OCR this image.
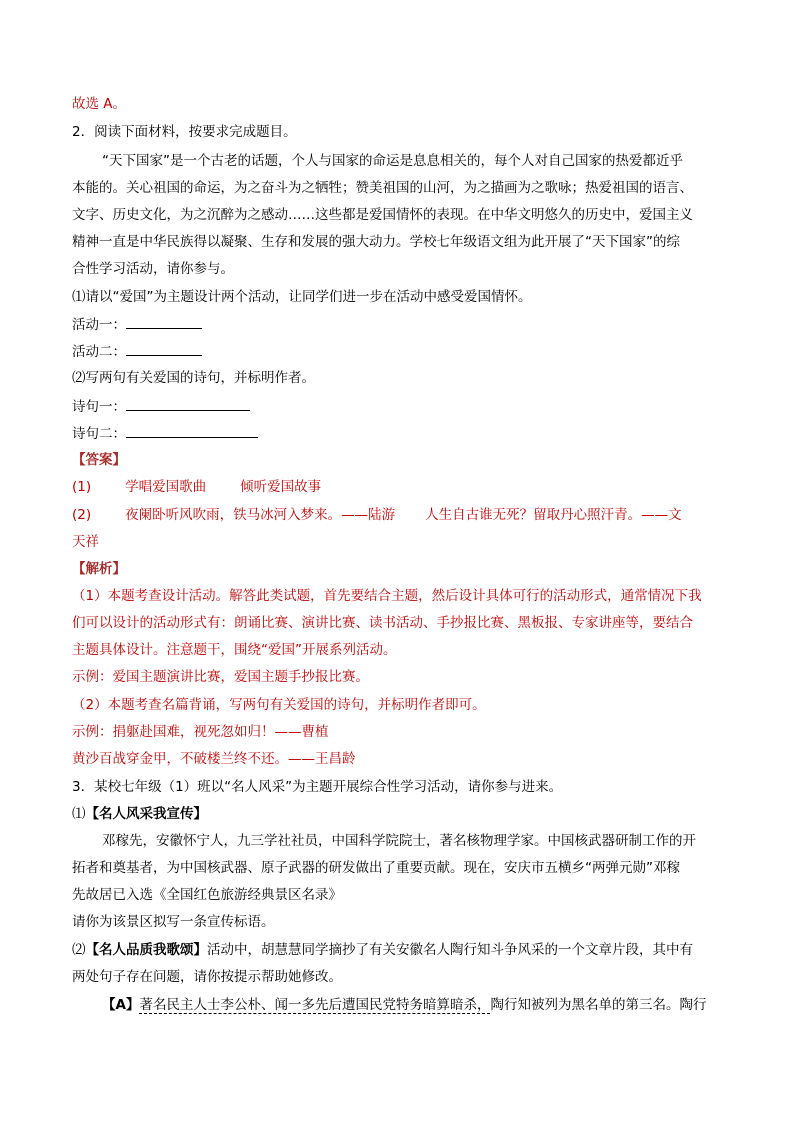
故选 A。
2．阅读下面材料，按要求完成题目。
“天下国家”是一个古老的话题，个人与国家的命运是息息相关的，每个人对自己国家的热爱都近乎
本能的。关心祖国的命运，为之奋斗为之牺牲；赞美祖国的山河，为之描画为之歌咏；热爱祖国的语言、
文字、历史文化，为之沉醉为之感动……这些都是爱国情怀的表现。在中华文明悠久的历史中，爱国主义
精神一直是中华民族得以凝聚、生存和发展的强大动力。学校七年级语文组为此开展了“天下国家”的综
合性学习活动，请你参与。
⑴请以“爱国”为主题设计两个活动，让同学们进一步在活动中感受爱国情怀。
活动一：
活动二：
⑵写两句有关爱国的诗句，并标明作者。
诗句一：
诗句二：
【答案】
(1)	学唱爱国歌曲	倾听爱国故事
(2)	夜阑卧听风吹雨，铁马冰河入梦来。——陆游 人生自古谁无死？留取丹心照汗青。——文
天祥
【解析】
（1）本题考查设计活动。解答此类试题，首先要结合主题，然后设计具体可行的活动形式，通常情况下我
们可以设计的活动形式有：朗诵比赛、演讲比赛、读书活动、手抄报比赛、黑板报、专家讲座等，要结合
主题具体设计。注意题干，围绕“爱国”开展系列活动。
示例：爱国主题演讲比赛，爱国主题手抄报比赛。
（2）本题考查名篇背诵，写两句有关爱国的诗句，并标明作者即可。
示例：捐躯赴国难，视死忽如归！——曹植
黄沙百战穿金甲，不破楼兰终不还。——王昌龄
3．某校七年级（1）班以“名人风采”为主题开展综合性学习活动，请你参与进来。
⑴【名人风采我宣传】
邓稼先，安徽怀宁人，九三学社社员，中国科学院院士，著名核物理学家。中国核武器研制工作的开
拓者和奠基者，为中国核武器、原子武器的研发做出了重要贡献。现在，安庆市五横乡“两弹元勋”邓稼
先故居已入选《全国红色旅游经典景区名录》
请你为该景区拟写一条宣传标语。
⑵【名人品质我歌颂】活动中，胡慧慧同学摘抄了有关安徽名人陶行知斗争风采的一个文章片段，其中有
两处句子存在问题，请你按提示帮助她修改。
【A】著名民主人士李公朴、闻一多先后遭国民党特务暗算暗杀，陶行知被列为黑名单的第三名。陶行
